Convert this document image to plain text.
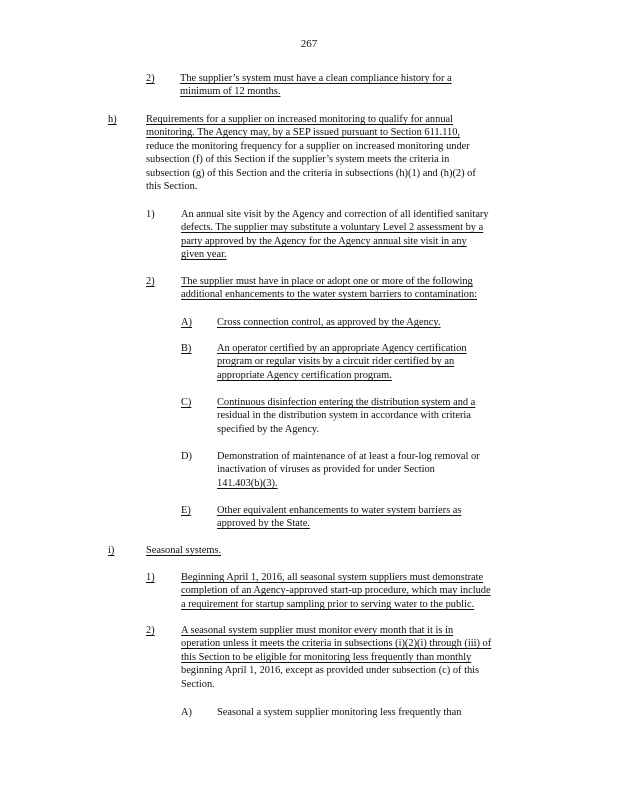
267
2) The supplier’s system must have a clean compliance history for a
minimum of 12 months.
h)	Requirements for a supplier on increased monitoring to qualify for annual
monitoring. The Agency may, by a SEP issued pursuant to Section 611.110,
reduce the monitoring frequency for a supplier on increased monitoring under
subsection (f) of this Section if the supplier’s system meets the criteria in
subsection (g) of this Section and the criteria in subsections (h)(1) and (h)(2) of
this Section.
1)	An annual site visit by the Agency and correction of all identified sanitary
defects. The supplier may substitute a voluntary Level 2 assessment by a
party approved by the Agency for the Agency annual site visit in any
given year.
2)	The supplier must have in place or adopt one or more of the following
additional enhancements to the water system barriers to contamination:
A) Cross connection control, as approved by the Agency.
B) An operator certified by an appropriate Agency certification
program or regular visits by a circuit rider certified by an
appropriate Agency certification program.
C) Continuous disinfection entering the distribution system and a
residual in the distribution system in accordance with criteria
specified by the Agency.
D) Demonstration of maintenance of at least a four-log removal or
inactivation of viruses as provided for under Section
141.403(b)(3).
E)	Other equivalent enhancements to water system barriers as
approved by the State.
i)	Seasonal systems.
1)	Beginning April 1, 2016, all seasonal system suppliers must demonstrate
completion of an Agency-approved start-up procedure, which may include
a requirement for startup sampling prior to serving water to the public.
2)	A seasonal system supplier must monitor every month that it is in
operation unless it meets the criteria in subsections (i)(2)(i) through (iii) of
this Section to be eligible for monitoring less frequently than monthly
beginning April 1, 2016, except as provided under subsection (c) of this
Section.
A) Seasonal a system supplier monitoring less frequently than
